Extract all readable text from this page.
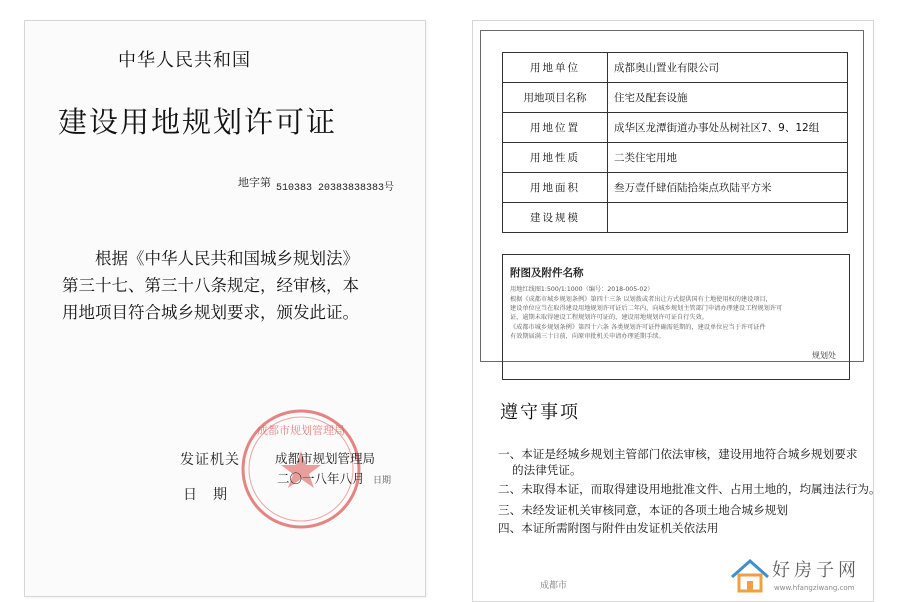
中华人民共和国
建设用地规划许可证
地字第 510383 20383838383号
根据《中华人民共和国城乡规划法》第三十七、第三十八条规定，经审核，本用地项目符合城乡规划要求，颁发此证。
成都市规划管理局
发证机关	成都市规划管理局
日期
二〇一八年八月 日期
用地单位	成都奥山置业有限公司
用地项目名称	住宅及配套设施
用地位置	成华区龙潭街道办事处丛树社区7、9、12组
用地性质	二类住宅用地
用地面积	叁万壹仟肆佰陆拾柒点玖陆平方米
建设规模	
附图及附件名称
用地红线图1:500/1:1000（编号：2018-005-02）
根据《成都市城乡规划条例》第四十三条 以划拨或者出让方式提供国有土地使用权的建设项目，
建设单位应当在取得建设用地规划许可证后二年内，向城乡规划主管部门申请办理建设工程规划许可
证，逾期未取得建设工程规划许可证的，建设用地规划许可证自行失效。
《成都市城乡规划条例》第四十六条 各类规划许可证件确需延期的，建设单位应当于许可证件
有效期届满三十日前，向原审批机关申请办理延期手续。
规划处
遵守事项
一、本证是经城乡规划主管部门依法审核，建设用地符合城乡规划要求
的法律凭证。
二、未取得本证，而取得建设用地批准文件、占用土地的，均属违法行为。
三、未经发证机关审核同意，本证的各项土地合城乡规划
四、本证所需附图与附件由发证机关依法用
成都市
好房子网
www.hfangziwang.com
